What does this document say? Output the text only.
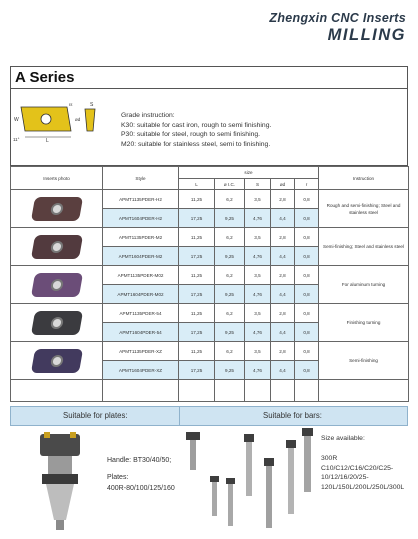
Zhengxin CNC Inserts
MILLING
A Series
W
L
S
ød
11°
rε
Grade instruction:
K30: suitable for cast iron, rough to semi finishing.
P30: suitable for steel, rough to semi finishing.
M20: suitable for stainless steel, semi to finishing.
Inserts photo	Style	size					Instruction
		L	ø I.C.	S	ød	r	

	APMT1135PDER-H2	11,25	6,2	3,5	2,8	0,8	Rough and semi-finishing; Steel and stainless steel
	APMT1604PDER-H2	17,25	9,25	4,76	4,4	0,8	

	APMT1135PDER-M2	11,25	6,2	3,5	2,8	0,8	Semi-finishing; Steel and stainless steel
	APMT1604PDER-M2	17,25	9,25	4,76	4,4	0,8	

	APMT1135PDER-M02	11,25	6,2	3,5	2,8	0,8	For aluminum turning
	APMT1604PDER-M02	17,25	9,25	4,76	4,4	0,8	

	APMT1135PDER-54	11,25	6,2	3,5	2,8	0,8	Finishing turning
	APMT1604PDER-54	17,25	9,25	4,76	4,4	0,8	

	APMT1135PDER-XZ	11,25	6,2	3,5	2,8	0,8	Semi-finishing
	APMT1604PDER-XZ	17,25	9,25	4,76	4,4	0,8	

Suitable for plates:	Suitable for bars:
Handle: BT30/40/50;
Plates:
400R-80/100/125/160
Size available:
300R
C10/C12/C16/C20/C25-
10/12/16/20/25-
120L/150L/200L/250L/300L
